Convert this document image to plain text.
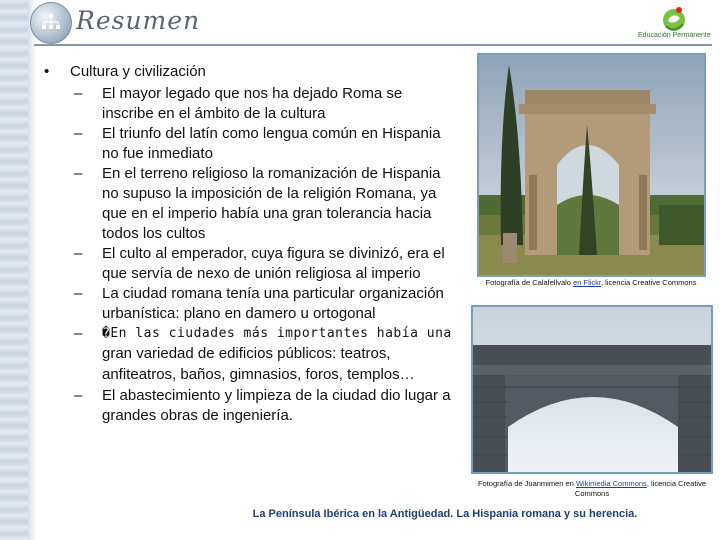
Resumen
Educación Permanente
• Cultura y civilización
– El mayor legado que nos ha dejado Roma se inscribe en el ámbito de la cultura
– El triunfo del latín como lengua común en Hispania no fue inmediato
– En el terreno religioso la romanización de Hispania no supuso la imposición de la religión Romana, ya que en el imperio había una gran tolerancia hacia todos los cultos
– El culto al emperador, cuya figura se divinizó, era el que servía de nexo de unión religiosa al imperio
– La ciudad romana tenía una particular organización urbanística: plano en damero u ortogonal
– �En las ciudades más importantes había una gran variedad de edificios públicos: teatros, anfiteatros, baños, gimnasios, foros, templos…
– El abastecimiento y limpieza de la ciudad dio lugar a grandes obras de ingeniería.
Fotografía de Calafellvalo en Flickr, licencia Creative Commons
Fotografía de Juanmimen en Wikimedia Commons, licencia Creative Commons
La Península Ibérica en la Antigüedad. La Hispania romana y su herencia.
